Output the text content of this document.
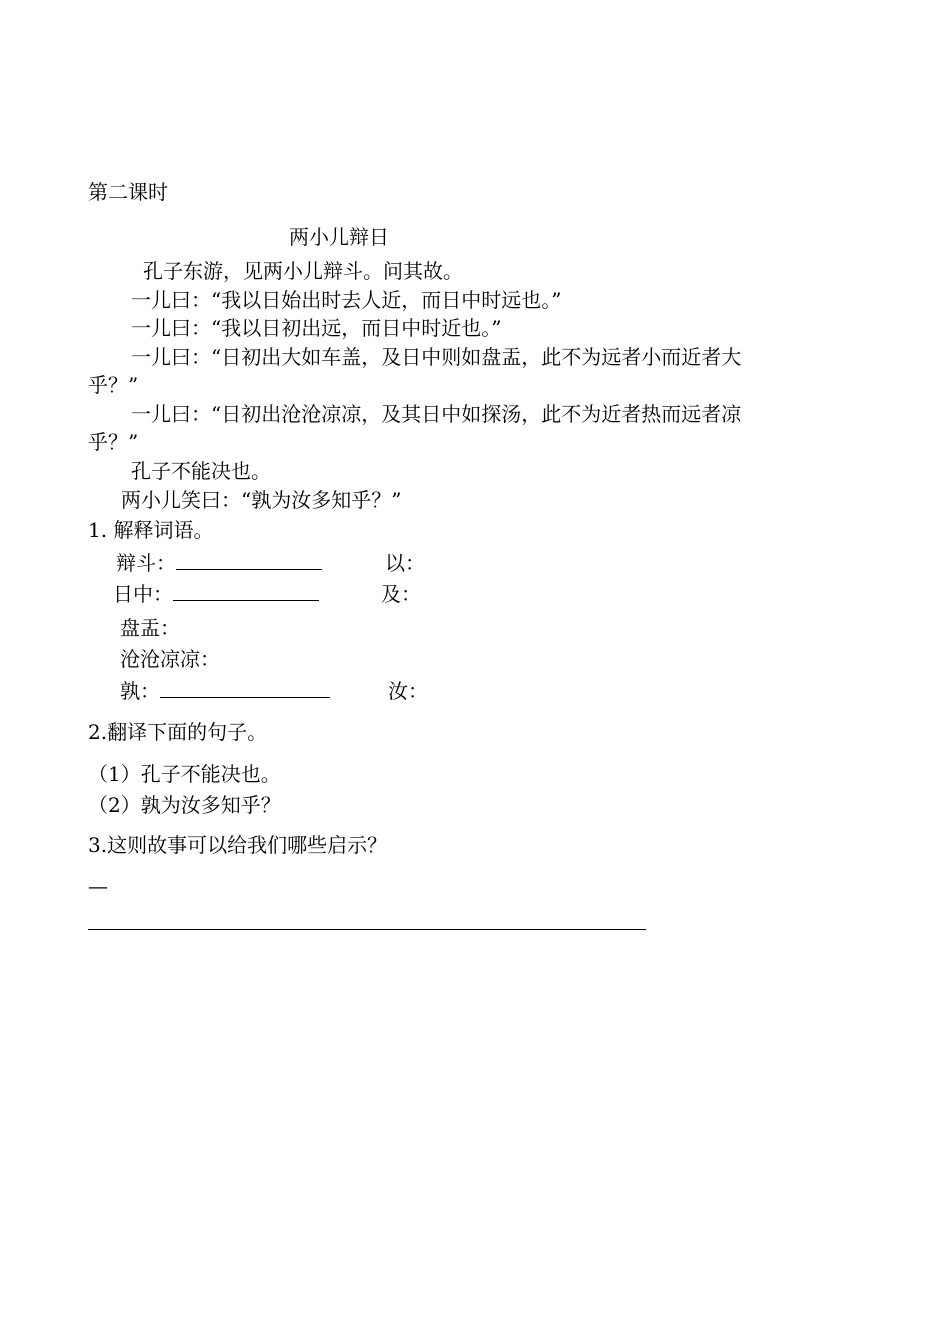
第二课时
两小儿辩日
孔子东游，见两小儿辩斗。问其故。
一儿曰：“我以日始出时去人近，而日中时远也。”
一儿曰：“我以日初出远，而日中时近也。”
一儿曰：“日初出大如车盖，及日中则如盘盂，此不为远者小而近者大
乎？”
一儿曰：“日初出沧沧凉凉，及其日中如探汤，此不为近者热而远者凉
乎？”
孔子不能决也。
两小儿笑曰：“孰为汝多知乎？”
1. 解释词语。
辩斗：	以：
日中：	及：
盘盂：
沧沧凉凉：
孰：	汝：
2.翻译下面的句子。
（1）孔子不能决也。
（2）孰为汝多知乎？
3.这则故事可以给我们哪些启示？
—
